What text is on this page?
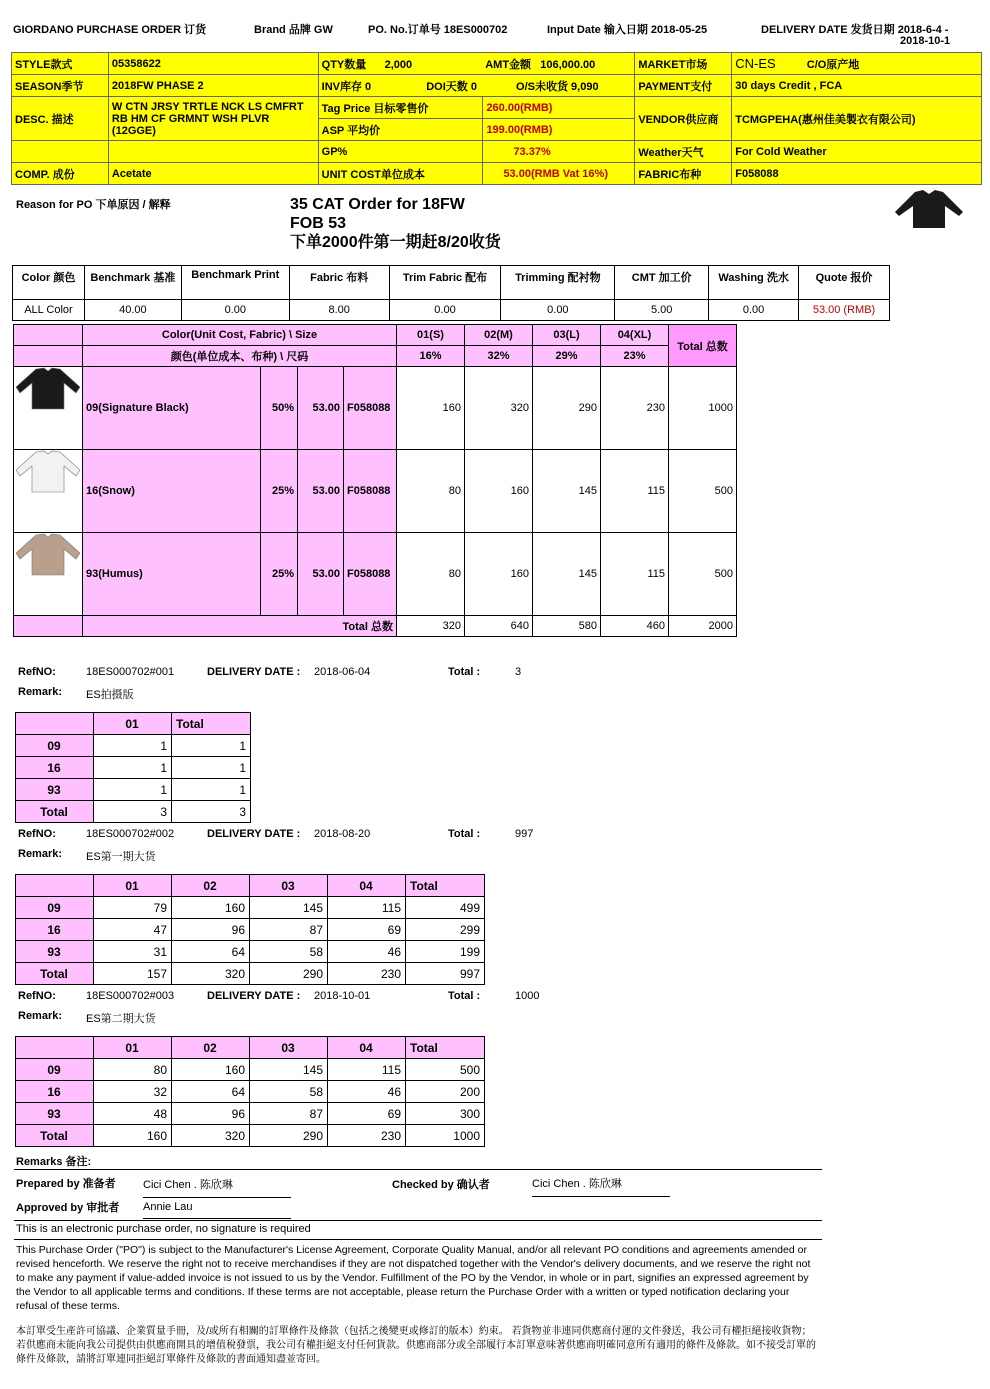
GIORDANO PURCHASE ORDER 订货	Brand 品牌 GW	PO. No.订单号 18ES000702	Input Date 输入日期 2018-05-25	DELIVERY DATE 发货日期 2018-6-4 -
2018-10-1
STYLE款式	05358622	QTY数量 2,000 AMT金额 106,000.00		MARKET市场	CN-ES C/O原产地
SEASON季节	2018FW PHASE 2	INV库存 0 DOI天数 0 O/S未收货 9,090		PAYMENT支付	30 days Credit , FCA
DESC. 描述	W CTN JRSY TRTLE NCK LS CMFRT RB HM CF GRMNT WSH PLVR (12GGE)	Tag Price 目标零售价	260.00(RMB)	VENDOR供应商	TCMGPEHA(惠州佳美製衣有限公司)
		ASP 平均价	199.00(RMB)		
		GP%	73.37%	Weather天气	For Cold Weather
COMP. 成份	Acetate	UNIT COST单位成本	53.00(RMB Vat 16%)	FABRIC布种	F058088
Reason for PO 下单原因 / 解释	35 CAT Order for 18FW
FOB 53
下单2000件第一期赶8/20收货
Color 颜色	Benchmark 基准	Benchmark Print	Fabric 布料	Trim Fabric 配布	Trimming 配衬物	CMT 加工价	Washing 洗水	Quote 报价
ALL Color	40.00	0.00	8.00	0.00	0.00	5.00	0.00	53.00 (RMB)
	Color(Unit Cost, Fabric) \ Size				01(S)	02(M)	03(L)	04(XL)	Total 总数
	颜色(单位成本、布种) \ 尺码				16%	32%	29%	23%	

	09(Signature Black)	50%	53.00	F058088	160	320	290	230	1000

	16(Snow)	25%	53.00	F058088	80	160	145	115	500

	93(Humus)	25%	53.00	F058088	80	160	145	115	500
	Total 总数				320	640	580	460	2000
RefNO:	18ES000702#001	DELIVERY DATE : 2018-06-04	Total :	3
Remark: ES拍摄版
	01	Total
09	1	1
16	1	1
93	1	1
Total	3	3
RefNO:	18ES000702#002	DELIVERY DATE : 2018-08-20	Total :	997
Remark: ES第一期大货
	01	02	03	04	Total
09	79	160	145	115	499
16	47	96	87	69	299
93	31	64	58	46	199
Total	157	320	290	230	997
RefNO:	18ES000702#003	DELIVERY DATE : 2018-10-01	Total :	1000
Remark: ES第二期大货
	01	02	03	04	Total
09	80	160	145	115	500
16	32	64	58	46	200
93	48	96	87	69	300
Total	160	320	290	230	1000
Remarks 备注:
Prepared by 准备者 Cici Chen . 陈欣琳	Checked by 确认者	Cici Chen . 陈欣琳
Approved by 审批者 Annie Lau
This is an electronic purchase order, no signature is required
This Purchase Order ("PO") is subject to the Manufacturer's License Agreement, Corporate Quality Manual, and/or all relevant PO conditions and agreements amended or revised henceforth. We reserve the right not to receive merchandises if they are not dispatched together with the Vendor's delivery documents, and we reserve the right not to make any payment if value-added invoice is not issued to us by the Vendor. Fulfillment of the PO by the Vendor, in whole or in part, signifies an expressed agreement by the Vendor to all applicable terms and conditions. If these terms are not acceptable, please return the Purchase Order with a written or typed notification declaring your refusal of these terms.
本訂單受生產許可協議、企業質量手冊，及/或所有相關的訂單條件及條款（包括之後變更或修訂的版本）約束。 若貨物並非連同供應商付運的文件發送，我公司有權拒絕接收貨物；若供應商未能向我公司提供由供應商開具的增值稅發票，我公司有權拒絕支付任何貨款。供應商部分或全部履行本訂單意味著供應商明確同意所有適用的條件及條款。如不接受訂單的條件及條款，請將訂單連同拒絕訂單條件及條款的書面通知盡並寄回。
